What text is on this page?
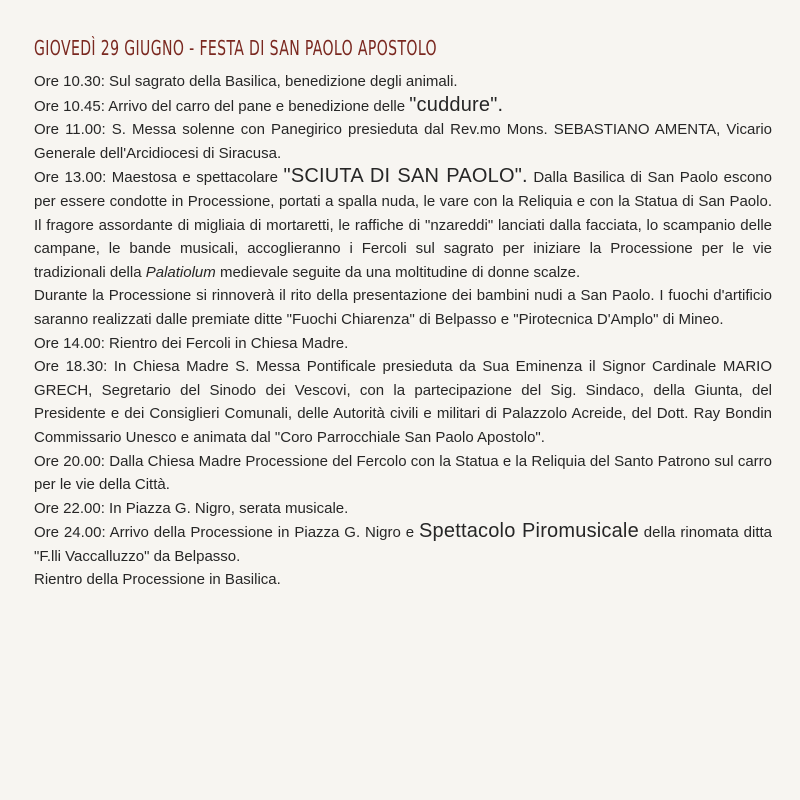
GIOVEDÌ 29 GIUGNO - FESTA DI SAN PAOLO APOSTOLO

Ore 10.30: Sul sagrato della Basilica, benedizione degli animali.

Ore 10.45: Arrivo del carro del pane e benedizione delle "cuddure".

Ore 11.00: S. Messa solenne con Panegirico presieduta dal Rev.mo Mons. SEBASTIANO AMENTA, Vicario Generale dell'Arcidiocesi di Siracusa.

Ore 13.00: Maestosa e spettacolare "SCIUTA DI SAN PAOLO". Dalla Basilica di San Paolo escono per essere condotte in Processione, portati a spalla nuda, le vare con la Reliquia e con la Statua di San Paolo. Il fragore assordante di migliaia di mortaretti, le raffiche di "nzareddi" lanciati dalla facciata, lo scampanio delle campane, le bande musicali, accoglieranno i Fercoli sul sagrato per iniziare la Processione per le vie tradizionali della Palatiolum medievale seguite da una moltitudine di donne scalze.

Durante la Processione si rinnoverà il rito della presentazione dei bambini nudi a San Paolo. I fuochi d'artificio saranno realizzati dalle premiate ditte "Fuochi Chiarenza" di Belpasso e "Pirotecnica D'Amplo" di Mineo.

Ore 14.00: Rientro dei Fercoli in Chiesa Madre.

Ore 18.30: In Chiesa Madre S. Messa Pontificale presieduta da Sua Eminenza il Signor Cardinale MARIO GRECH, Segretario del Sinodo dei Vescovi, con la partecipazione del Sig. Sindaco, della Giunta, del Presidente e dei Consiglieri Comunali, delle Autorità civili e militari di Palazzolo Acreide, del Dott. Ray Bondin Commissario Unesco e animata dal "Coro Parrocchiale San Paolo Apostolo".

Ore 20.00: Dalla Chiesa Madre Processione del Fercolo con la Statua e la Reliquia del Santo Patrono sul carro per le vie della Città.

Ore 22.00: In Piazza G. Nigro, serata musicale.

Ore 24.00: Arrivo della Processione in Piazza G. Nigro e Spettacolo Piromusicale della rinomata ditta "F.lli Vaccalluzzo" da Belpasso.

Rientro della Processione in Basilica.
